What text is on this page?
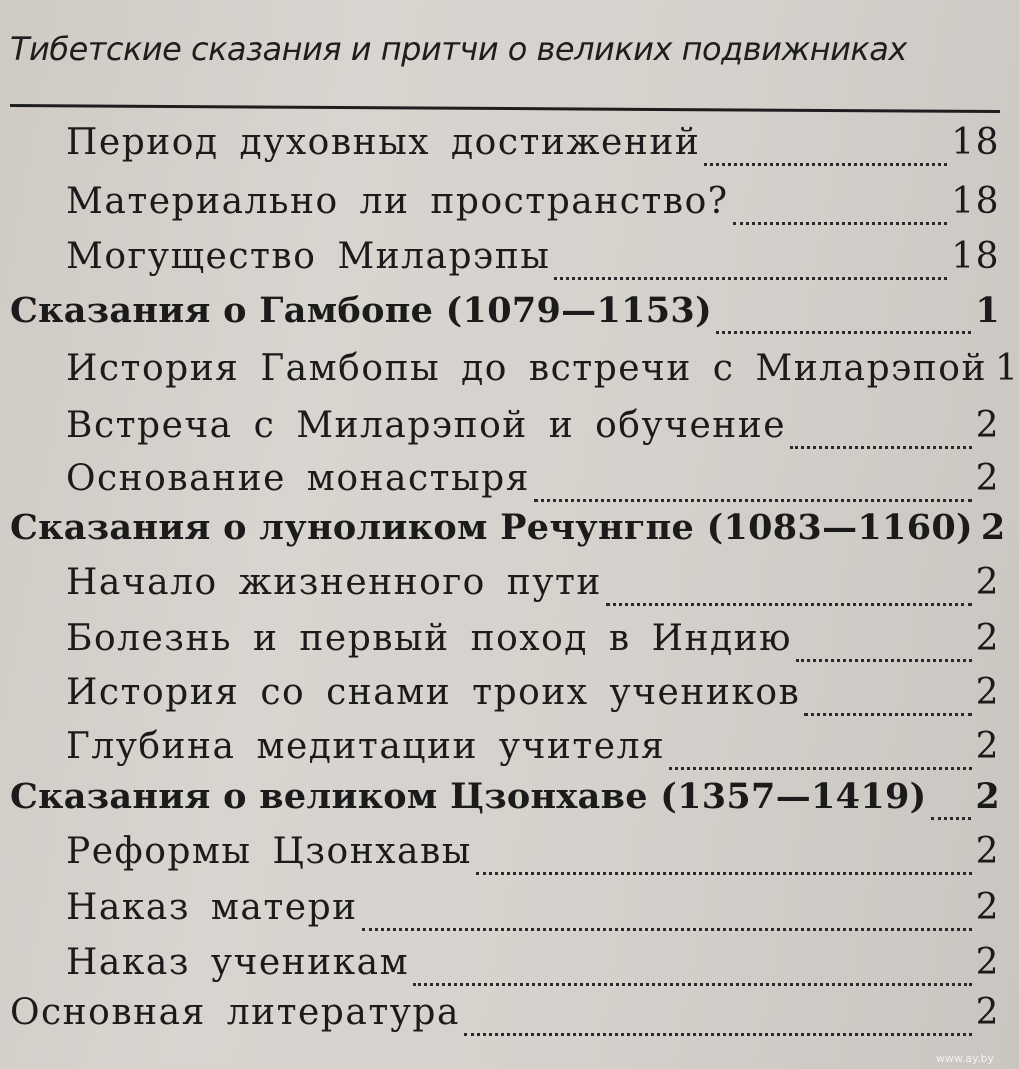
Тибетские сказания и притчи о великих подвижниках
Период духовных достижений	18
Материально ли пространство?	18
Могущество Миларэпы	18
Сказания о Гамбопе (1079—1153)	1
История Гамбопы до встречи с Миларэпой 1
Встреча с Миларэпой и обучение	2
Основание монастыря	2
Сказания о луноликом Речунгпе (1083—1160) 2
Начало жизненного пути	2
Болезнь и первый поход в Индию	2
История со снами троих учеников	2
Глубина медитации учителя	2
Сказания о великом Цзонхаве (1357—1419) 2
Реформы Цзонхавы	2
Наказ матери	2
Наказ ученикам	2
Основная литература	2
www.ay.by
